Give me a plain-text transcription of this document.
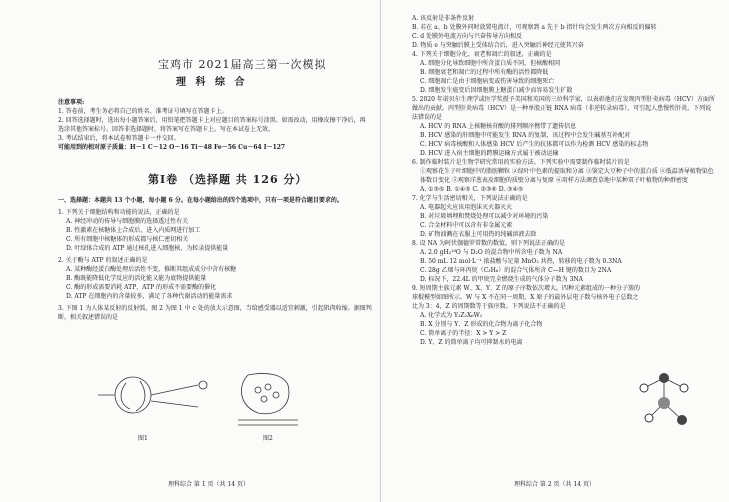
宝鸡市 2021届高三第一次模拟
理 科 综 合

注意事项:

1. 答卷前，考生务必将自己的姓名、准考证号填写在答题卡上。

2. 回答选择题时，选出每小题答案后，用铅笔把答题卡上对应题目的答案标号涂黑。如需改动，用橡皮擦干净后，再选涂其他答案标号。回答非选择题时，将答案写在答题卡上。写在本试卷上无效。

3. 考试结束后，将本试卷和答题卡一并交回。

可能用到的相对原子质量：H－1 C－12 O－16 Ti－48 Fe－56 Cu－64 I－127

第Ⅰ卷 （选择题 共 126 分）

一、选择题：本题共 13 个小题，每小题 6 分。在每小题给出的四个选项中，只有一项是符合题目要求的。

1. 下列关于细胞结构和功能的说法，正确的是

A. 神经冲动的传导与细胞膜的选择透过性有关

B. 性激素在核糖体上合成后，进入内质网进行加工

C. 所有细胞中核糖体的形成都与核仁密切相关

D. 叶绿体合成的 ATP 通过核孔进入细胞核，为转录提供能量

2. 关于酶与 ATP 的叙述正确的是

A. 某种酶经蛋白酶处理后活性不变，推断其组成成分中含有核糖

B. 酶既能降低化学反应的活化能又能为底物提供能量

C. 酶的形成需要消耗 ATP，ATP 的形成不需要酶的催化

D. ATP 在细胞内的含量较多，满足了各种代谢活动的能量需求

3. 下图 1 为人体某反射的反射弧，图 2 为图 1 中 c 处的放大示意图，当给感受器以适宜刺激，引起肌肉收缩。据图判断，相关叙述错误的是

图1	图2
理科综合 第 1 页（共 14 页）

A. 该反射是非条件反射

B. 若在 a、b 处膜外同时放置电流计，可观察到 a 先于 b 指针均会发生两次方向相反的偏转

C. d 处膜外电流方向与兴奋传导方向相反

D. 物质 e 与突触后膜上受体结合后，进入突触后神经元使其兴奋

4. 下列关于细胞分化、衰老和凋亡的叙述，正确的是

A. 细胞分化导致细胞中所含蛋白质不同，但核酸相同

B. 细胞衰老和凋亡的过程中所有酶的活性都降低

C. 细胞凋亡是由于细胞病变或伤害导致的细胞死亡

D. 细胞发生癌变后因细胞膜上糖蛋白减少而容易发生扩散

5. 2020 年诺贝尔生理学或医学奖授予美国和英国的三位科学家，以表彰他们在发现丙型肝炎病毒（HCV）方面所做出的贡献。丙型肝炎病毒（HCV）是一种单股正链 RNA 病毒（非逆转录病毒），可引起人患慢性肝炎。下列说法错误的是

A. HCV 的 RNA 上核糖核苷酸的排列顺序携带了遗传信息

B. HCV 感染的肝细胞中可能发生 RNA 的复制，该过程中会发生碱基互补配对

C. HCV 病毒核酸和人体感染 HCV 后产生的抗体都可以作为检测 HCV 感染的标志物

D. HCV 进入宿主细胞的跨膜运输方式属于被动运输

6. 制作临时装片是生物学研究常用的实验方法。下列实验中需要制作临时装片的是

①观察花生子叶细胞中的脂肪颗粒 ②绿叶中色素的提取和分离 ③鉴定大豆种子中的蛋白质 ④低温诱导植物染色体数目变化 ⑤观察洋葱表皮细胞的质壁分离与复原 ⑥用样方法调查草地中某种双子叶植物的种群密度

A. ①③⑤ B. ①④⑤ C. ②③⑥ D. ③④⑤

7. 化学与生活密切相关，下列说法正确的是

A. 电器起火应该用泡沫灭火器灭火

B. 对垃圾填埋和焚烧处理可以减少对环境的污染

C. 合金材料中可以含有非金属元素

D. 矿物油溅在衣服上可用热的纯碱溶液去除

8. 设 NA 为阿伏伽德罗常数的数值，则下列说法正确的是

A. 2.0 gH₂¹⁸O 与 D₂O 的混合物中所含电子数为 NA

B. 50 mL 12 mol·L⁻¹ 浓盐酸与足量 MnO₂ 共热，转移的电子数为 0.3NA

C. 28g 乙烯与环丙烷（C₃H₆）的混合气体所含 C—H 键的数目为 2NA

D. 标况下，22.4L 的甲烷完全燃烧生成的气体分子数为 3NA

9. 短周期主族元素 W、X、Y、Z 的原子序数依次增大。四种元素组成的一种分子簇的球棍模型如图所示。W 与 X 不在同一周期，X 原子的最外层电子数与核外电子总数之比为 3：4，Z 的周期数等于族序数。下列说法不正确的是

A. 化学式为 Y₂Z₂X₆W₂

B. X 分别与 Y、Z 形成的化合物为离子化合物

C. 简单离子的半径：X > Y > Z

D. Y、Z 的简单离子均可抑制水的电离

理科综合 第 2 页（共 14 页）
